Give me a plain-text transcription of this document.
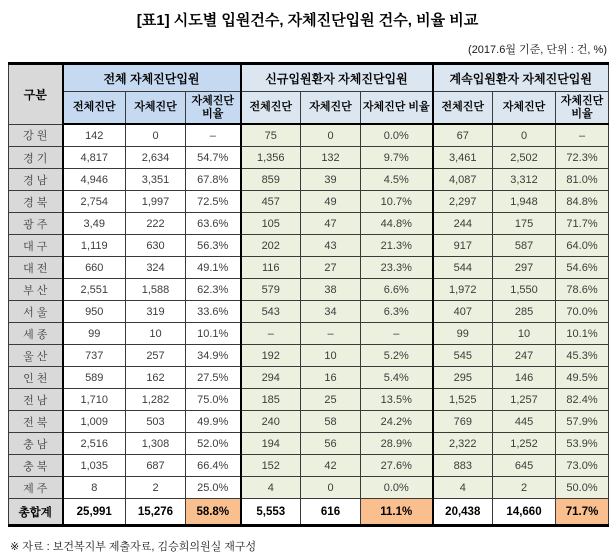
[표1] 시도별 입원건수, 자체진단입원 건수, 비율 비교
(2017.6월 기준, 단위 : 건, %)
구분	전체 자체진단입원			신규입원환자 자체진단입원			계속입원환자 자체진단입원		
	전체진단	자체진단	자체진단 비율	전체진단	자체진단	자체진단 비율	전체진단	자체진단	자체진단 비율
강 원	142	0	–	75	0	0.0%	67	0	–
경 기	4,817	2,634	54.7%	1,356	132	9.7%	3,461	2,502	72.3%
경 남	4,946	3,351	67.8%	859	39	4.5%	4,087	3,312	81.0%
경 북	2,754	1,997	72.5%	457	49	10.7%	2,297	1,948	84.8%
광 주	3,49	222	63.6%	105	47	44.8%	244	175	71.7%
대 구	1,119	630	56.3%	202	43	21.3%	917	587	64.0%
대 전	660	324	49.1%	116	27	23.3%	544	297	54.6%
부 산	2,551	1,588	62.3%	579	38	6.6%	1,972	1,550	78.6%
서 울	950	319	33.6%	543	34	6.3%	407	285	70.0%
세 종	99	10	10.1%	–	–	–	99	10	10.1%
울 산	737	257	34.9%	192	10	5.2%	545	247	45.3%
인 천	589	162	27.5%	294	16	5.4%	295	146	49.5%
전 남	1,710	1,282	75.0%	185	25	13.5%	1,525	1,257	82.4%
전 북	1,009	503	49.9%	240	58	24.2%	769	445	57.9%
충 남	2,516	1,308	52.0%	194	56	28.9%	2,322	1,252	53.9%
충 북	1,035	687	66.4%	152	42	27.6%	883	645	73.0%
제 주	8	2	25.0%	4	0	0.0%	4	2	50.0%
총합계	25,991	15,276	58.8%	5,553	616	11.1%	20,438	14,660	71.7%
※ 자료 : 보건복지부 제출자료, 김승희의원실 재구성
